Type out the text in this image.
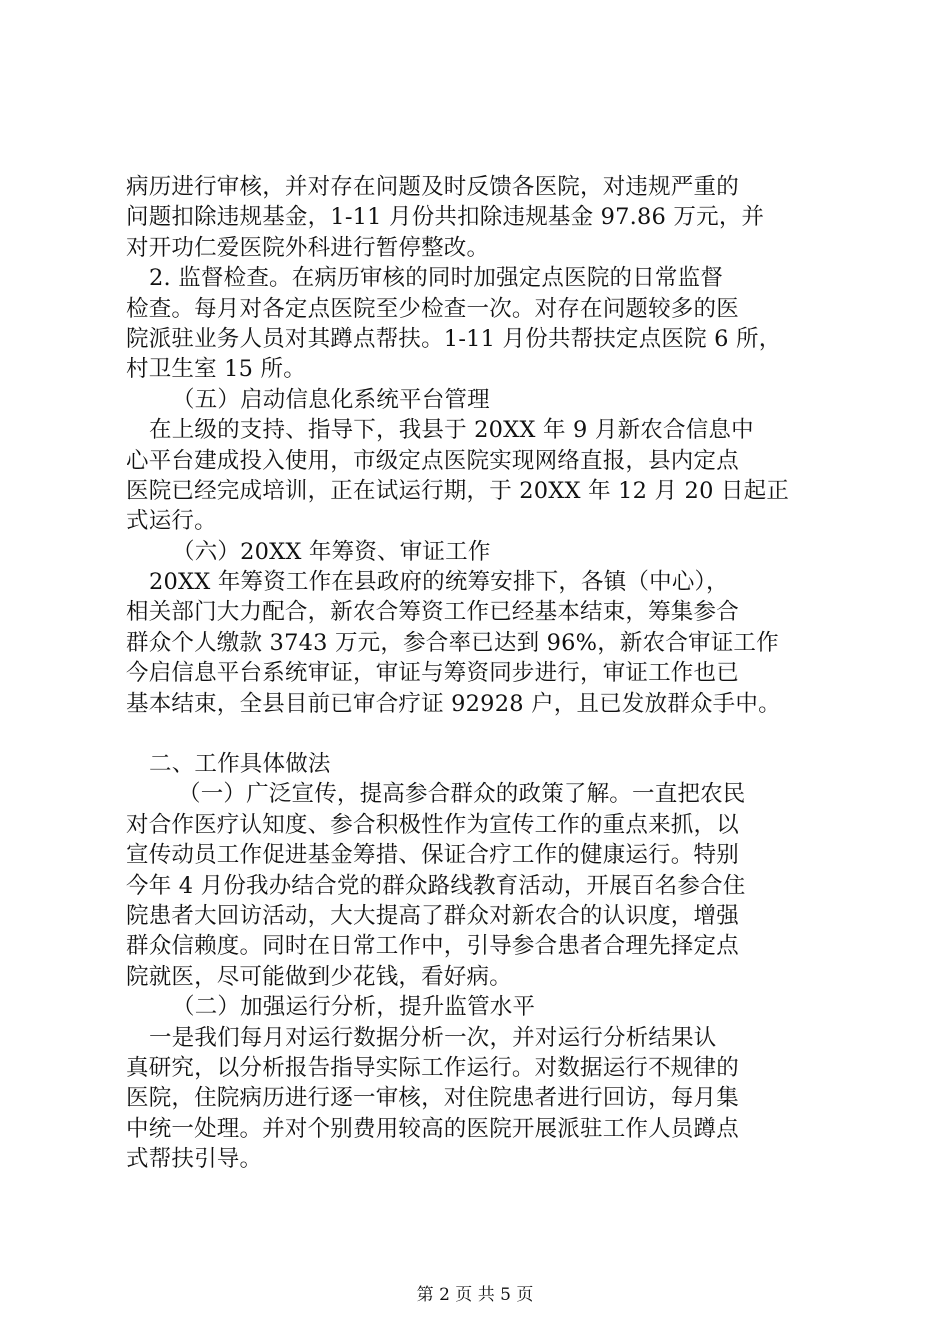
病历进行审核，并对存在问题及时反馈各医院，对违规严重的
问题扣除违规基金，1-11 月份共扣除违规基金 97.86 万元，并
对开功仁爱医院外科进行暂停整改。
2. 监督检查。在病历审核的同时加强定点医院的日常监督
检查。每月对各定点医院至少检查一次。对存在问题较多的医
院派驻业务人员对其蹲点帮扶。1-11 月份共帮扶定点医院 6 所，
村卫生室 15 所。
（五）启动信息化系统平台管理
在上级的支持、指导下，我县于 20XX 年 9 月新农合信息中
心平台建成投入使用，市级定点医院实现网络直报，县内定点
医院已经完成培训，正在试运行期，于 20XX 年 12 月 20 日起正
式运行。
（六）20XX 年筹资、审证工作
20XX 年筹资工作在县政府的统筹安排下，各镇（中心），
相关部门大力配合，新农合筹资工作已经基本结束，筹集参合
群众个人缴款 3743 万元，参合率已达到 96%，新农合审证工作
今启信息平台系统审证，审证与筹资同步进行，审证工作也已
基本结束，全县目前已审合疗证 92928 户，且已发放群众手中。
二、工作具体做法
（一）广泛宣传，提高参合群众的政策了解。一直把农民
对合作医疗认知度、参合积极性作为宣传工作的重点来抓，以
宣传动员工作促进基金筹措、保证合疗工作的健康运行。特别
今年 4 月份我办结合党的群众路线教育活动，开展百名参合住
院患者大回访活动，大大提高了群众对新农合的认识度，增强
群众信赖度。同时在日常工作中，引导参合患者合理先择定点
院就医，尽可能做到少花钱，看好病。
（二）加强运行分析，提升监管水平
一是我们每月对运行数据分析一次，并对运行分析结果认
真研究，以分析报告指导实际工作运行。对数据运行不规律的
医院，住院病历进行逐一审核，对住院患者进行回访，每月集
中统一处理。并对个别费用较高的医院开展派驻工作人员蹲点
式帮扶引导。
第 2 页 共 5 页
